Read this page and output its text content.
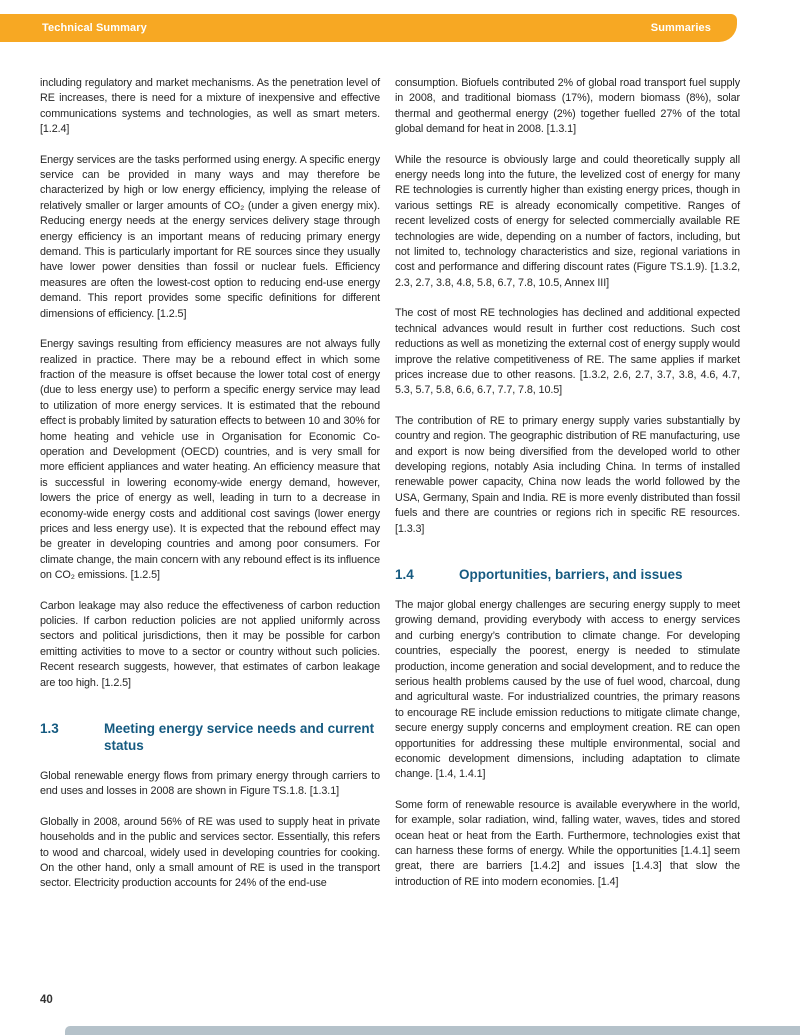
Technical Summary	Summaries

including regulatory and market mechanisms. As the penetration level of RE increases, there is need for a mixture of inexpensive and effective communications systems and technologies, as well as smart meters. [1.2.4]

Energy services are the tasks performed using energy. A specific energy service can be provided in many ways and may therefore be characterized by high or low energy efficiency, implying the release of relatively smaller or larger amounts of CO₂ (under a given energy mix). Reducing energy needs at the energy services delivery stage through energy efficiency is an important means of reducing primary energy demand. This is particularly important for RE sources since they usually have lower power densities than fossil or nuclear fuels. Efficiency measures are often the lowest-cost option to reducing end-use energy demand. This report provides some specific definitions for different dimensions of efficiency. [1.2.5]

Energy savings resulting from efficiency measures are not always fully realized in practice. There may be a rebound effect in which some fraction of the measure is offset because the lower total cost of energy (due to less energy use) to perform a specific energy service may lead to utilization of more energy services. It is estimated that the rebound effect is probably limited by saturation effects to between 10 and 30% for home heating and vehicle use in Organisation for Economic Co-operation and Development (OECD) countries, and is very small for more efficient appliances and water heating. An efficiency measure that is successful in lowering economy-wide energy demand, however, lowers the price of energy as well, leading in turn to a decrease in economy-wide energy costs and additional cost savings (lower energy prices and less energy use). It is expected that the rebound effect may be greater in developing countries and among poor consumers. For climate change, the main concern with any rebound effect is its influence on CO₂ emissions. [1.2.5]

Carbon leakage may also reduce the effectiveness of carbon reduction policies. If carbon reduction policies are not applied uniformly across sectors and political jurisdictions, then it may be possible for carbon emitting activities to move to a sector or country without such policies. Recent research suggests, however, that estimates of carbon leakage are too high. [1.2.5]

1.3	Meeting energy service needs and current status

Global renewable energy flows from primary energy through carriers to end uses and losses in 2008 are shown in Figure TS.1.8. [1.3.1]

Globally in 2008, around 56% of RE was used to supply heat in private households and in the public and services sector. Essentially, this refers to wood and charcoal, widely used in developing countries for cooking. On the other hand, only a small amount of RE is used in the transport sector. Electricity production accounts for 24% of the end-use

consumption. Biofuels contributed 2% of global road transport fuel supply in 2008, and traditional biomass (17%), modern biomass (8%), solar thermal and geothermal energy (2%) together fuelled 27% of the total global demand for heat in 2008. [1.3.1]

While the resource is obviously large and could theoretically supply all energy needs long into the future, the levelized cost of energy for many RE technologies is currently higher than existing energy prices, though in various settings RE is already economically competitive. Ranges of recent levelized costs of energy for selected commercially available RE technologies are wide, depending on a number of factors, including, but not limited to, technology characteristics and size, regional variations in cost and performance and differing discount rates (Figure TS.1.9). [1.3.2, 2.3, 2.7, 3.8, 4.8, 5.8, 6.7, 7.8, 10.5, Annex III]

The cost of most RE technologies has declined and additional expected technical advances would result in further cost reductions. Such cost reductions as well as monetizing the external cost of energy supply would improve the relative competitiveness of RE. The same applies if market prices increase due to other reasons. [1.3.2, 2.6, 2.7, 3.7, 3.8, 4.6, 4.7, 5.3, 5.7, 5.8, 6.6, 6.7, 7.7, 7.8, 10.5]

The contribution of RE to primary energy supply varies substantially by country and region. The geographic distribution of RE manufacturing, use and export is now being diversified from the developed world to other developing regions, notably Asia including China. In terms of installed renewable power capacity, China now leads the world followed by the USA, Germany, Spain and India. RE is more evenly distributed than fossil fuels and there are countries or regions rich in specific RE resources. [1.3.3]

1.4	Opportunities, barriers, and issues

The major global energy challenges are securing energy supply to meet growing demand, providing everybody with access to energy services and curbing energy’s contribution to climate change. For developing countries, especially the poorest, energy is needed to stimulate production, income generation and social development, and to reduce the serious health problems caused by the use of fuel wood, charcoal, dung and agricultural waste. For industrialized countries, the primary reasons to encourage RE include emission reductions to mitigate climate change, secure energy supply concerns and employment creation. RE can open opportunities for addressing these multiple environmental, social and economic development dimensions, including adaptation to climate change. [1.4, 1.4.1]

Some form of renewable resource is available everywhere in the world, for example, solar radiation, wind, falling water, waves, tides and stored ocean heat or heat from the Earth. Furthermore, technologies exist that can harness these forms of energy. While the opportunities [1.4.1] seem great, there are barriers [1.4.2] and issues [1.4.3] that slow the introduction of RE into modern economies. [1.4]

40
